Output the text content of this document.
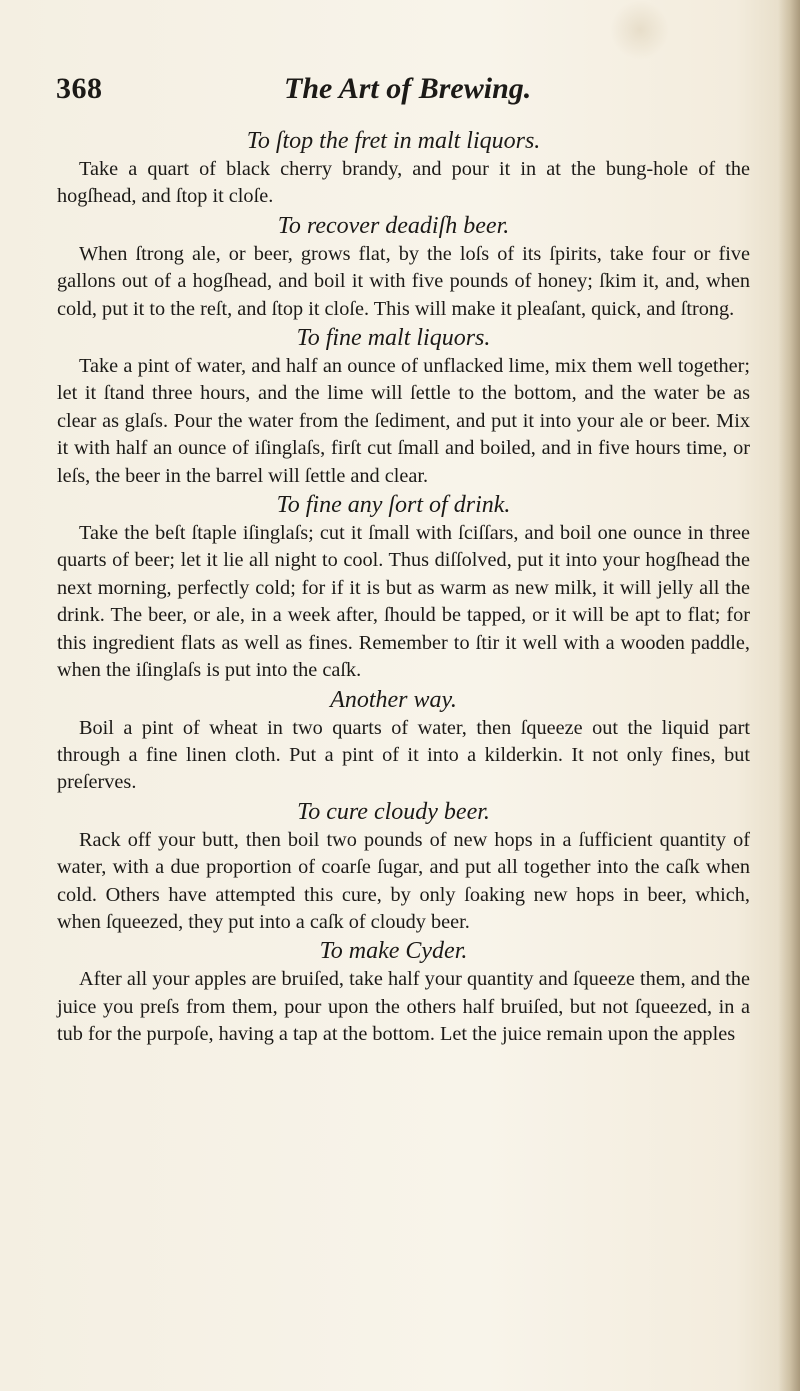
368	The Art of Brewing.
To ſtop the fret in malt liquors.

Take a quart of black cherry brandy, and pour it in at the bung-hole of the hogſhead, and ſtop it cloſe.

To recover deadiſh beer.

When ſtrong ale, or beer, grows flat, by the loſs of its ſpirits, take four or five gallons out of a hogſhead, and boil it with five pounds of honey; ſkim it, and, when cold, put it to the reſt, and ſtop it cloſe. This will make it pleaſant, quick, and ſtrong.

To fine malt liquors.

Take a pint of water, and half an ounce of unflacked lime, mix them well together; let it ſtand three hours, and the lime will ſettle to the bottom, and the water be as clear as glaſs. Pour the water from the ſediment, and put it into your ale or beer. Mix it with half an ounce of iſinglaſs, firſt cut ſmall and boiled, and in five hours time, or leſs, the beer in the barrel will ſettle and clear.

To fine any ſort of drink.

Take the beſt ſtaple iſinglaſs; cut it ſmall with ſciſſars, and boil one ounce in three quarts of beer; let it lie all night to cool. Thus diſſolved, put it into your hogſhead the next morning, perfectly cold; for if it is but as warm as new milk, it will jelly all the drink. The beer, or ale, in a week after, ſhould be tapped, or it will be apt to flat; for this ingredient flats as well as fines. Remember to ſtir it well with a wooden paddle, when the iſinglaſs is put into the caſk.

Another way.

Boil a pint of wheat in two quarts of water, then ſqueeze out the liquid part through a fine linen cloth. Put a pint of it into a kilderkin. It not only fines, but preſerves.

To cure cloudy beer.

Rack off your butt, then boil two pounds of new hops in a ſufficient quantity of water, with a due proportion of coarſe ſugar, and put all together into the caſk when cold. Others have attempted this cure, by only ſoaking new hops in beer, which, when ſqueezed, they put into a caſk of cloudy beer.

To make Cyder.

After all your apples are bruiſed, take half your quantity and ſqueeze them, and the juice you preſs from them, pour upon the others half bruiſed, but not ſqueezed, in a tub for the purpoſe, having a tap at the bottom. Let the juice remain upon the apples
